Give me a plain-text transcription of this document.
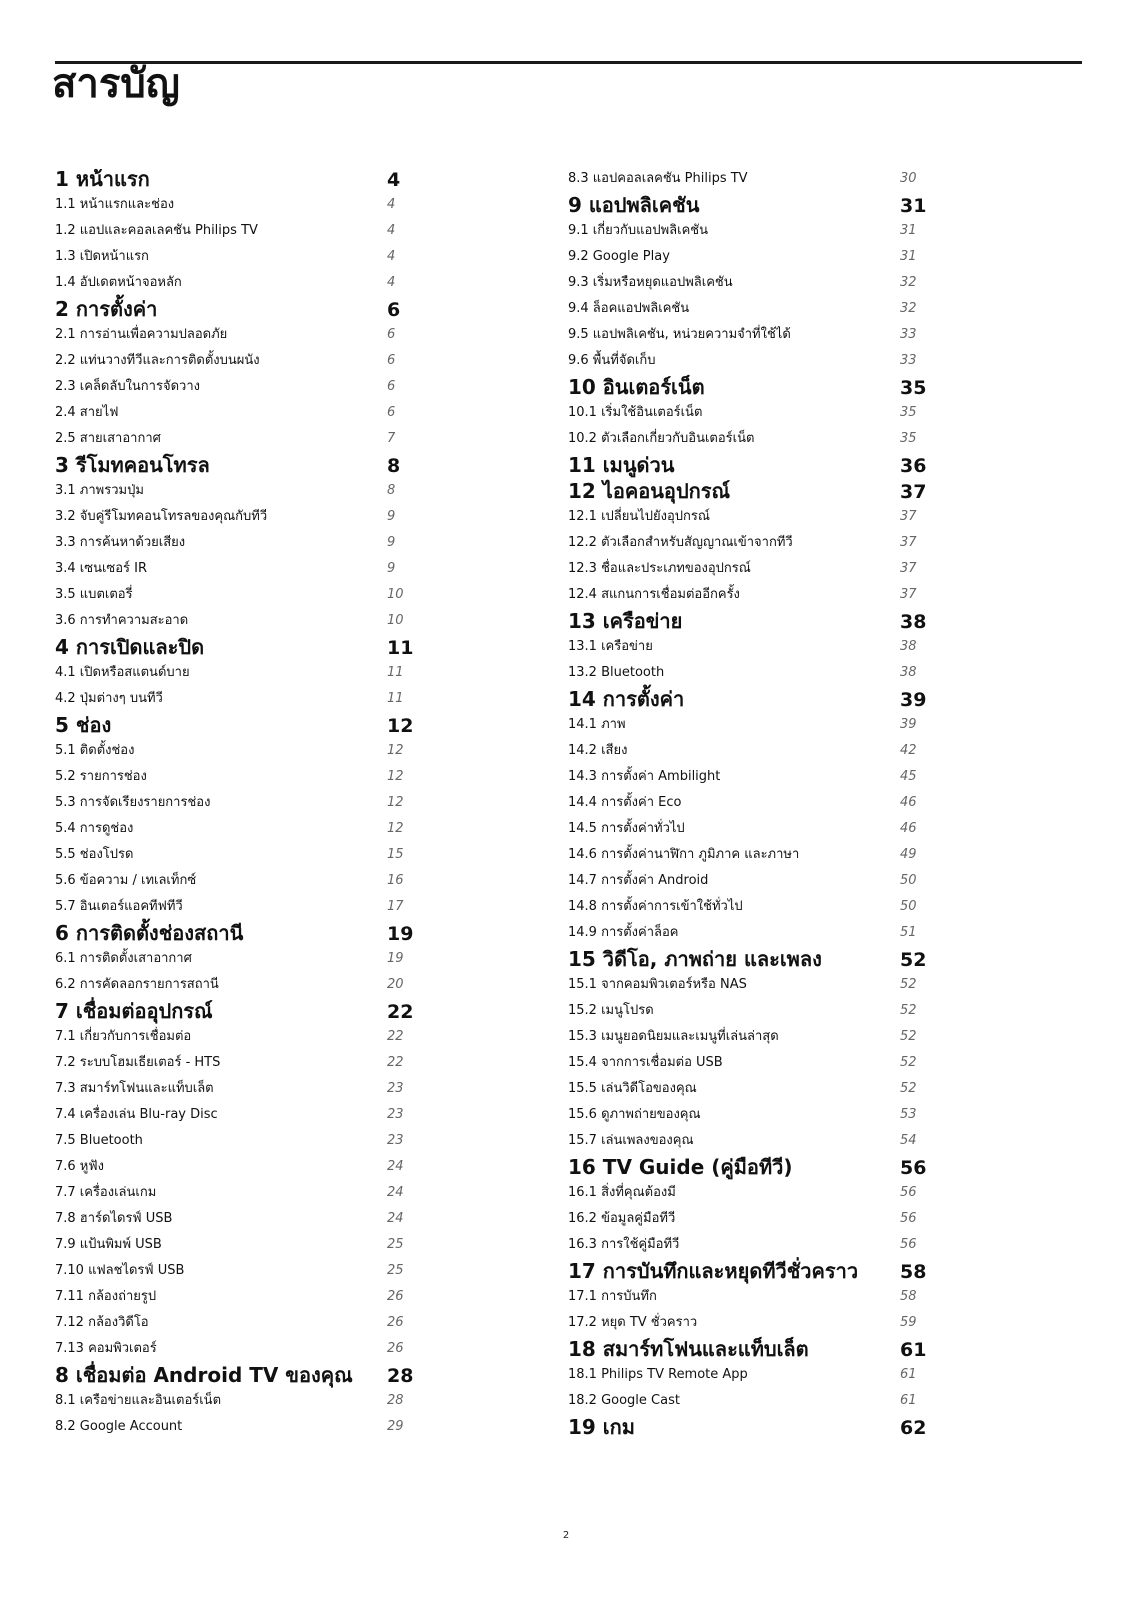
สารบัญ
1 หน้าแรก	4
1.1 หน้าแรกและช่อง	4
1.2 แอปและคอลเลคชัน Philips TV	4
1.3 เปิดหน้าแรก	4
1.4 อัปเดตหน้าจอหลัก	4
2 การตั้งค่า	6
2.1 การอ่านเพื่อความปลอดภัย	6
2.2 แท่นวางทีวีและการติดตั้งบนผนัง	6
2.3 เคล็ดลับในการจัดวาง	6
2.4 สายไฟ	6
2.5 สายเสาอากาศ	7
3 รีโมทคอนโทรล	8
3.1 ภาพรวมปุ่ม	8
3.2 จับคู่รีโมทคอนโทรลของคุณกับทีวี	9
3.3 การค้นหาด้วยเสียง	9
3.4 เซนเซอร์ IR	9
3.5 แบตเตอรี่	10
3.6 การทำความสะอาด	10
4 การเปิดและปิด	11
4.1 เปิดหรือสแตนด์บาย	11
4.2 ปุ่มต่างๆ บนทีวี	11
5 ช่อง	12
5.1 ติดตั้งช่อง	12
5.2 รายการช่อง	12
5.3 การจัดเรียงรายการช่อง	12
5.4 การดูช่อง	12
5.5 ช่องโปรด	15
5.6 ข้อความ / เทเลเท็กซ์	16
5.7 อินเตอร์แอคทีฟทีวี	17
6 การติดตั้งช่องสถานี	19
6.1 การติดตั้งเสาอากาศ	19
6.2 การคัดลอกรายการสถานี	20
7 เชื่อมต่ออุปกรณ์	22
7.1 เกี่ยวกับการเชื่อมต่อ	22
7.2 ระบบโฮมเธียเตอร์ - HTS	22
7.3 สมาร์ทโฟนและแท็บเล็ต	23
7.4 เครื่องเล่น Blu-ray Disc	23
7.5 Bluetooth	23
7.6 หูฟัง	24
7.7 เครื่องเล่นเกม	24
7.8 ฮาร์ดไดรฟ์ USB	24
7.9 แป้นพิมพ์ USB	25
7.10 แฟลชไดรฟ์ USB	25
7.11 กล้องถ่ายรูป	26
7.12 กล้องวิดีโอ	26
7.13 คอมพิวเตอร์	26
8 เชื่อมต่อ Android TV ของคุณ 28
8.1 เครือข่ายและอินเตอร์เน็ต	28
8.2 Google Account	29
8.3 แอปคอลเลคชัน Philips TV	30
9 แอปพลิเคชัน	31
9.1 เกี่ยวกับแอปพลิเคชัน	31
9.2 Google Play	31
9.3 เริ่มหรือหยุดแอปพลิเคชัน	32
9.4 ล็อคแอปพลิเคชัน	32
9.5 แอปพลิเคชัน, หน่วยความจำที่ใช้ได้	33
9.6 พื้นที่จัดเก็บ	33
10 อินเตอร์เน็ต	35
10.1 เริ่มใช้อินเตอร์เน็ต	35
10.2 ตัวเลือกเกี่ยวกับอินเตอร์เน็ต	35
11 เมนูด่วน	36
12 ไอคอนอุปกรณ์	37
12.1 เปลี่ยนไปยังอุปกรณ์	37
12.2 ตัวเลือกสำหรับสัญญาณเข้าจากทีวี	37
12.3 ชื่อและประเภทของอุปกรณ์	37
12.4 สแกนการเชื่อมต่ออีกครั้ง	37
13 เครือข่าย	38
13.1 เครือข่าย	38
13.2 Bluetooth	38
14 การตั้งค่า	39
14.1 ภาพ	39
14.2 เสียง	42
14.3 การตั้งค่า Ambilight	45
14.4 การตั้งค่า Eco	46
14.5 การตั้งค่าทั่วไป	46
14.6 การตั้งค่านาฬิกา ภูมิภาค และภาษา	49
14.7 การตั้งค่า Android	50
14.8 การตั้งค่าการเข้าใช้ทั่วไป	50
14.9 การตั้งค่าล็อค	51
15 วิดีโอ, ภาพถ่าย และเพลง	52
15.1 จากคอมพิวเตอร์หรือ NAS	52
15.2 เมนูโปรด	52
15.3 เมนูยอดนิยมและเมนูที่เล่นล่าสุด	52
15.4 จากการเชื่อมต่อ USB	52
15.5 เล่นวิดีโอของคุณ	52
15.6 ดูภาพถ่ายของคุณ	53
15.7 เล่นเพลงของคุณ	54
16 TV Guide (คู่มือทีวี)	56
16.1 สิ่งที่คุณต้องมี	56
16.2 ข้อมูลคู่มือทีวี	56
16.3 การใช้คู่มือทีวี	56
17 การบันทึกและหยุดทีวีชั่วคราว 58
17.1 การบันทึก	58
17.2 หยุด TV ชั่วคราว	59
18 สมาร์ทโฟนและแท็บเล็ต	61
18.1 Philips TV Remote App	61
18.2 Google Cast	61
19 เกม	62
2
